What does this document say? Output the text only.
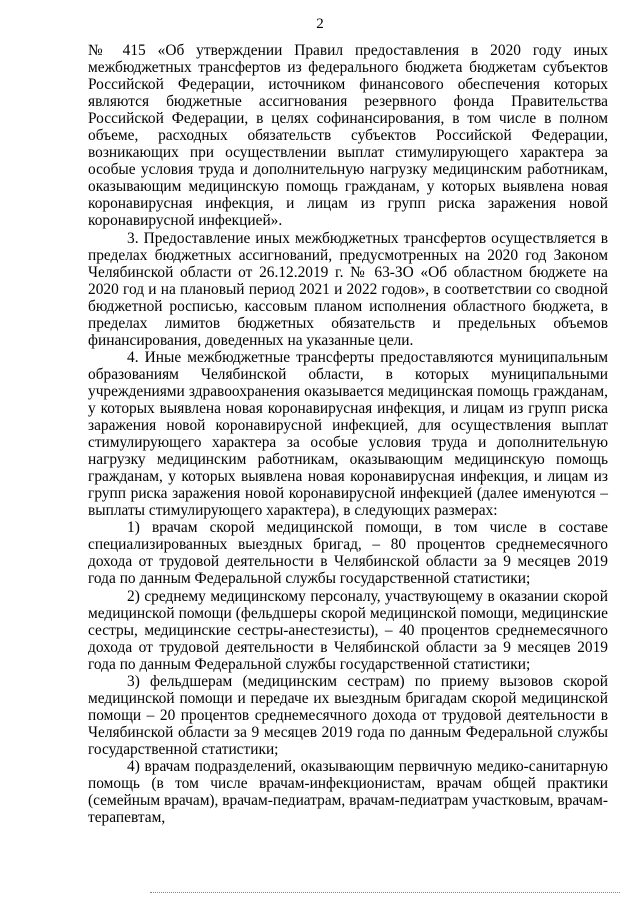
2

№ 415 «Об утверждении Правил предоставления в 2020 году иных межбюджетных трансфертов из федерального бюджета бюджетам субъектов Российской Федерации, источником финансового обеспечения которых являются бюджетные ассигнования резервного фонда Правительства Российской Федерации, в целях софинансирования, в том числе в полном объеме, расходных обязательств субъектов Российской Федерации, возникающих при осуществлении выплат стимулирующего характера за особые условия труда и дополнительную нагрузку медицинским работникам, оказывающим медицинскую помощь гражданам, у которых выявлена новая коронавирусная инфекция, и лицам из групп риска заражения новой коронавирусной инфекцией».

3. Предоставление иных межбюджетных трансфертов осуществляется в пределах бюджетных ассигнований, предусмотренных на 2020 год Законом Челябинской области от 26.12.2019 г. № 63-ЗО «Об областном бюджете на 2020 год и на плановый период 2021 и 2022 годов», в соответствии со сводной бюджетной росписью, кассовым планом исполнения областного бюджета, в пределах лимитов бюджетных обязательств и предельных объемов финансирования, доведенных на указанные цели.

4. Иные межбюджетные трансферты предоставляются муниципальным образованиям Челябинской области, в которых муниципальными учреждениями здравоохранения оказывается медицинская помощь гражданам, у которых выявлена новая коронавирусная инфекция, и лицам из групп риска заражения новой коронавирусной инфекцией, для осуществления выплат стимулирующего характера за особые условия труда и дополнительную нагрузку медицинским работникам, оказывающим медицинскую помощь гражданам, у которых выявлена новая коронавирусная инфекция, и лицам из групп риска заражения новой коронавирусной инфекцией (далее именуются – выплаты стимулирующего характера), в следующих размерах:

1) врачам скорой медицинской помощи, в том числе в составе специализированных выездных бригад, – 80 процентов среднемесячного дохода от трудовой деятельности в Челябинской области за 9 месяцев 2019 года по данным Федеральной службы государственной статистики;

2) среднему медицинскому персоналу, участвующему в оказании скорой медицинской помощи (фельдшеры скорой медицинской помощи, медицинские сестры, медицинские сестры-анестезисты), – 40 процентов среднемесячного дохода от трудовой деятельности в Челябинской области за 9 месяцев 2019 года по данным Федеральной службы государственной статистики;

3) фельдшерам (медицинским сестрам) по приему вызовов скорой медицинской помощи и передаче их выездным бригадам скорой медицинской помощи – 20 процентов среднемесячного дохода от трудовой деятельности в Челябинской области за 9 месяцев 2019 года по данным Федеральной службы государственной статистики;

4) врачам подразделений, оказывающим первичную медико-санитарную помощь (в том числе врачам-инфекционистам, врачам общей практики (семейным врачам), врачам-педиатрам, врачам-педиатрам участковым, врачам-терапевтам,
